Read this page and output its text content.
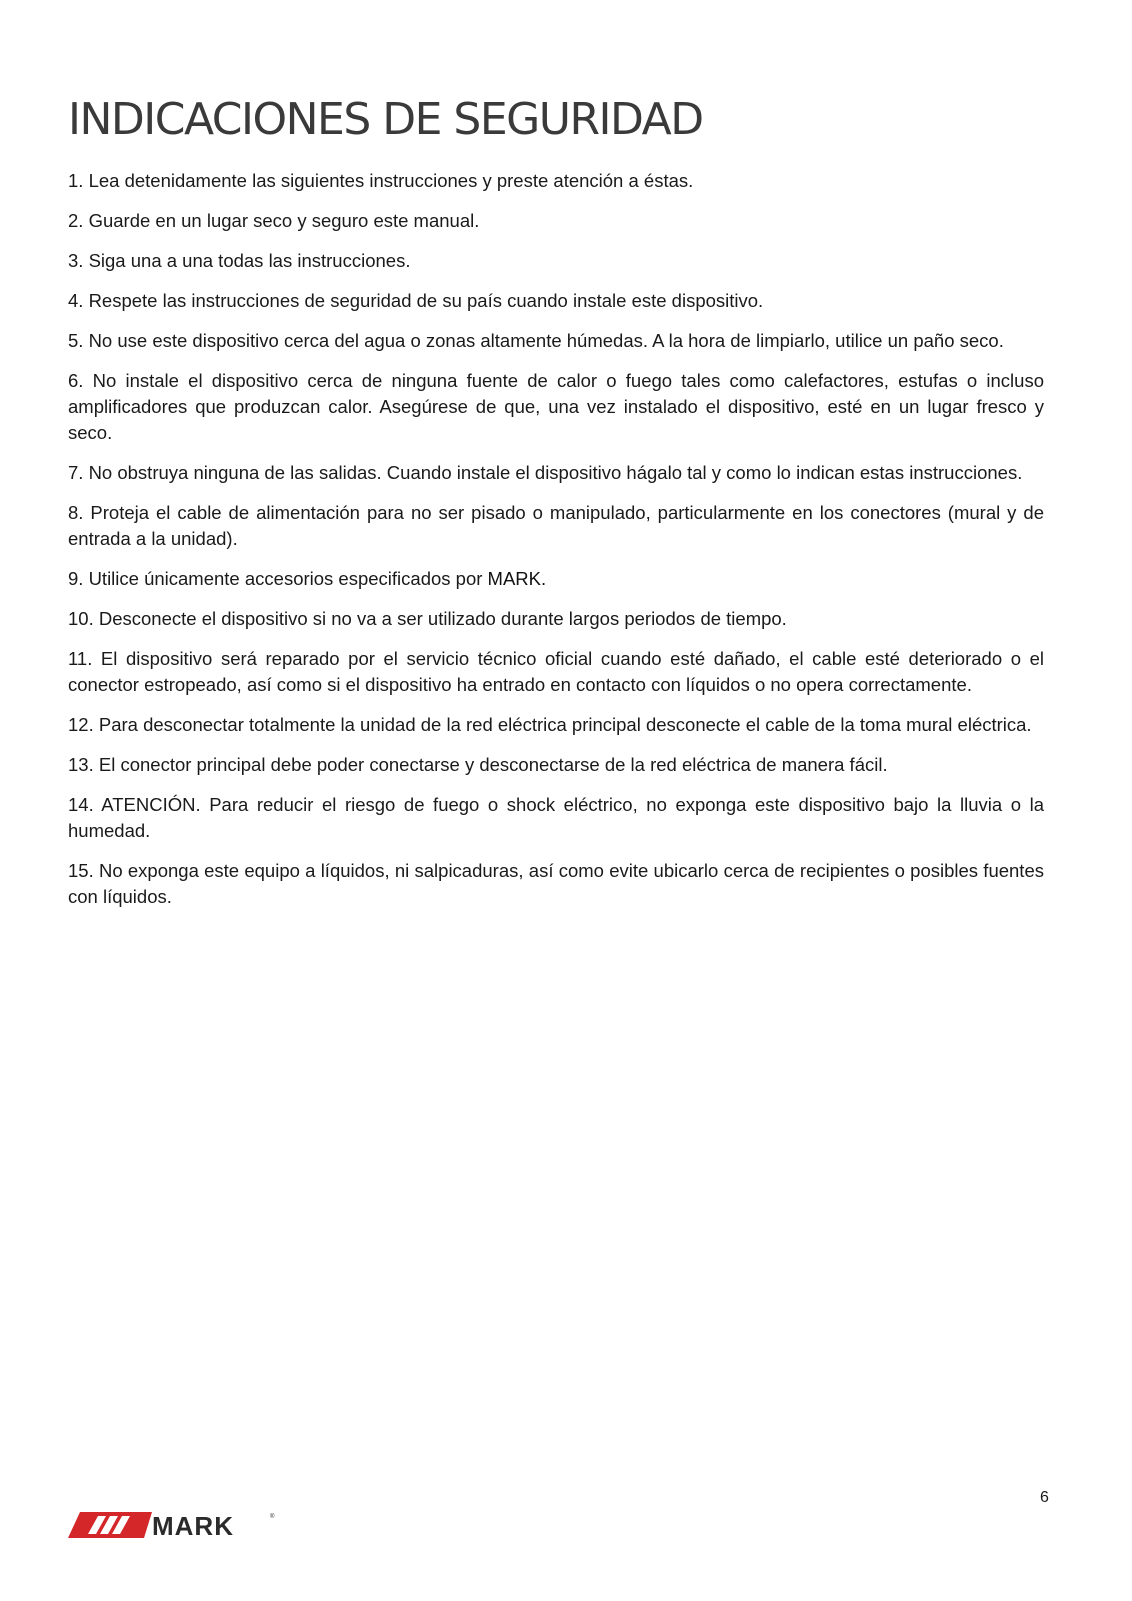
INDICACIONES DE SEGURIDAD
1. Lea detenidamente las siguientes instrucciones y preste atención a éstas.
2. Guarde en un lugar seco y seguro este manual.
3. Siga una a una todas las instrucciones.
4. Respete las instrucciones de seguridad de su país cuando instale este dispositivo.
5. No use este dispositivo cerca del agua o zonas altamente húmedas. A la hora de limpiarlo, utilice un paño seco.
6. No instale el dispositivo cerca de ninguna fuente de calor o fuego tales como calefactores, estufas o incluso amplificadores que produzcan calor. Asegúrese de que, una vez instalado el dispositivo, esté en un lugar fresco y seco.
7. No obstruya ninguna de las salidas. Cuando instale el dispositivo hágalo tal y como lo indican estas instrucciones.
8. Proteja el cable de alimentación para no ser pisado o manipulado, particularmente en los conectores (mural y de entrada a la unidad).
9. Utilice únicamente accesorios especificados por MARK.
10. Desconecte el dispositivo si no va a ser utilizado durante largos periodos de tiempo.
11. El dispositivo será reparado por el servicio técnico oficial cuando esté dañado, el cable esté deteriorado o el conector estropeado, así como si el dispositivo ha entrado en contacto con líquidos o no opera correctamente.
12. Para desconectar totalmente la unidad de la red eléctrica principal desconecte el cable de la toma mural eléctrica.
13. El conector principal debe poder conectarse y desconectarse de la red eléctrica de manera fácil.
14. ATENCIÓN. Para reducir el riesgo de fuego o shock eléctrico, no exponga este dispositivo bajo la lluvia o la humedad.
15. No exponga este equipo a líquidos, ni salpicaduras, así como evite ubicarlo cerca de recipientes o posibles fuentes con líquidos.
MARK	®
6
